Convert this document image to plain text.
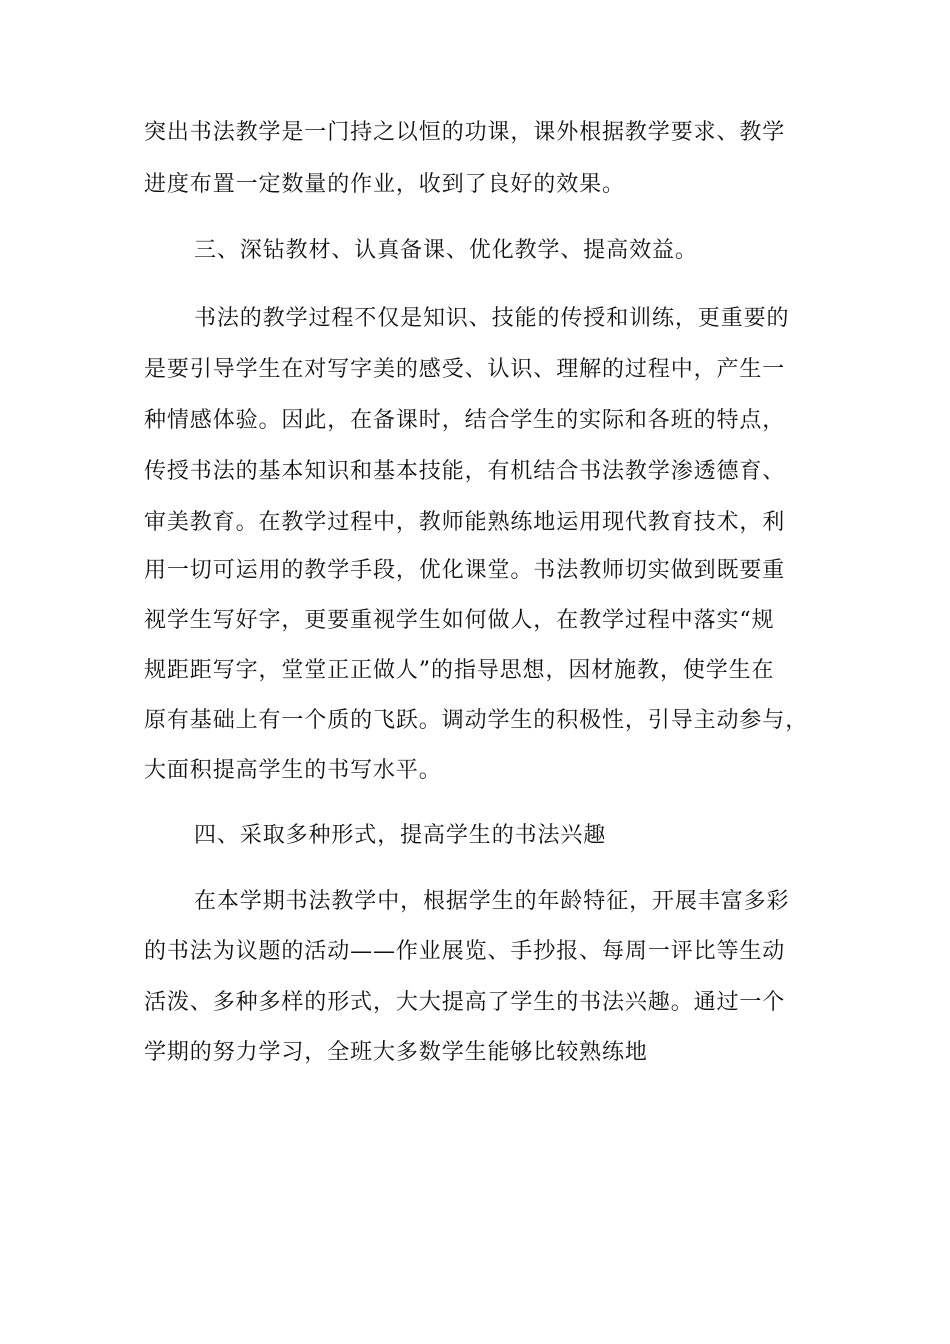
突出书法教学是一门持之以恒的功课，课外根据教学要求、教学
进度布置一定数量的作业，收到了良好的效果。
三、深钻教材、认真备课、优化教学、提高效益。
书法的教学过程不仅是知识、技能的传授和训练，更重要的
是要引导学生在对写字美的感受、认识、理解的过程中，产生一
种情感体验。因此，在备课时，结合学生的实际和各班的特点，
传授书法的基本知识和基本技能，有机结合书法教学渗透德育、
审美教育。在教学过程中，教师能熟练地运用现代教育技术，利
用一切可运用的教学手段，优化课堂。书法教师切实做到既要重
视学生写好字，更要重视学生如何做人，在教学过程中落实“规
规距距写字，堂堂正正做人”的指导思想，因材施教，使学生在
原有基础上有一个质的飞跃。调动学生的积极性，引导主动参与，
大面积提高学生的书写水平。
四、采取多种形式，提高学生的书法兴趣
在本学期书法教学中，根据学生的年龄特征，开展丰富多彩
的书法为议题的活动——作业展览、手抄报、每周一评比等生动
活泼、多种多样的形式，大大提高了学生的书法兴趣。通过一个
学期的努力学习，全班大多数学生能够比较熟练地
